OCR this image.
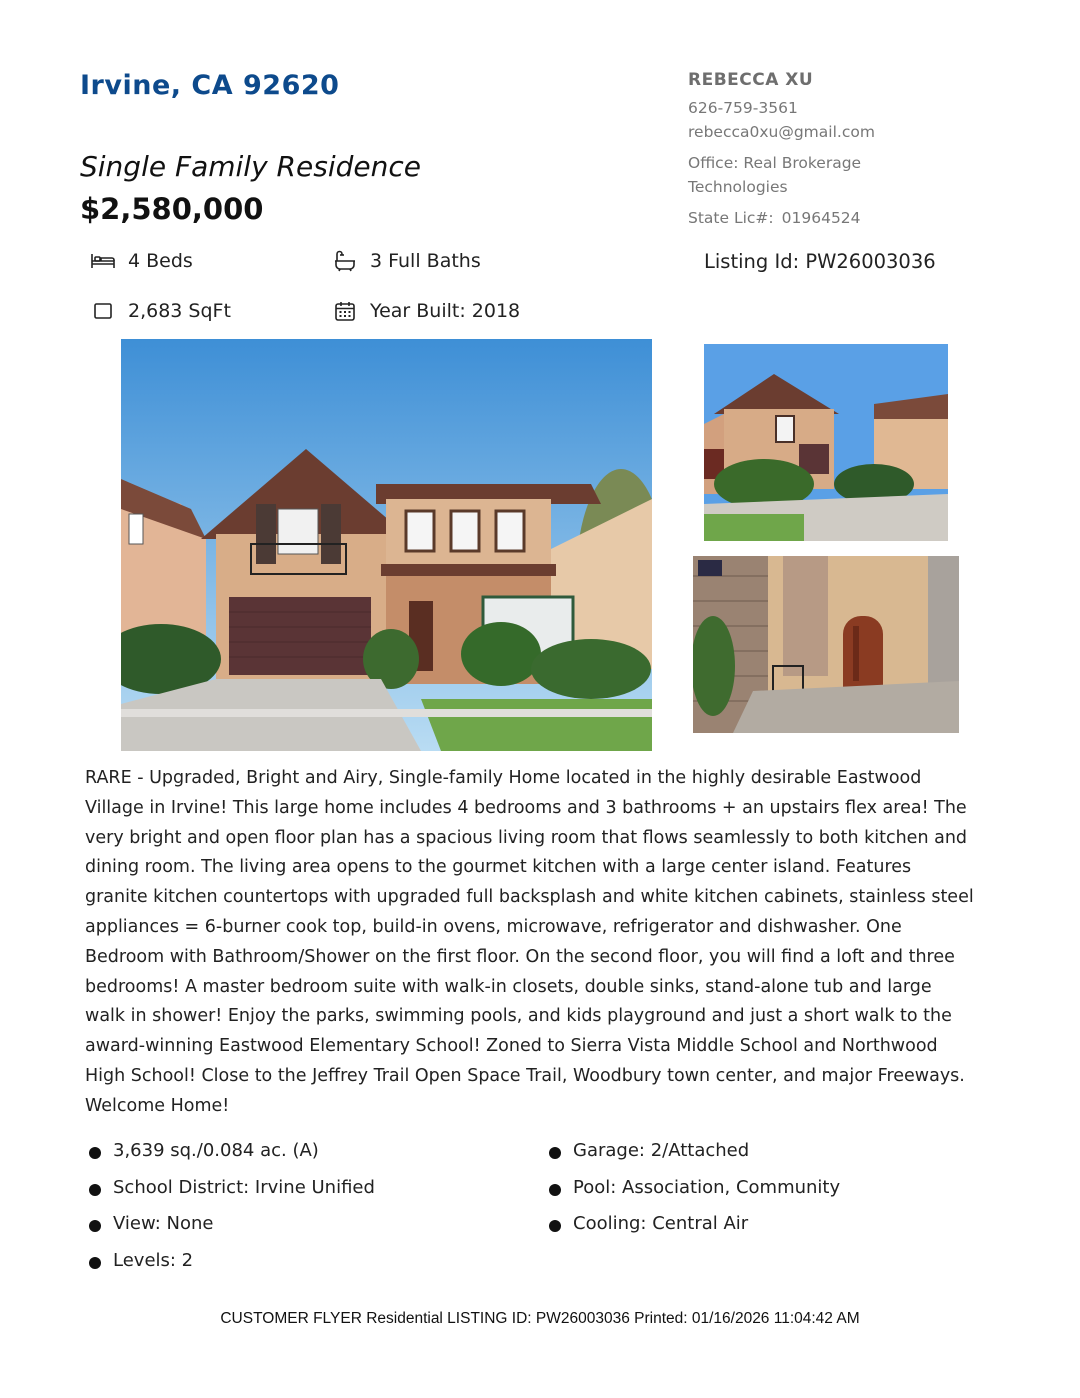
Irvine, CA 92620
Single Family Residence
$2,580,000
REBECCA XU
626-759-3561
rebecca0xu@gmail.com
Office: Real Brokerage
Technologies
State Lic#: 01964524
4 Beds	3 Full Baths	Listing Id: PW26003036
2,683 SqFt	Year Built: 2018
RARE - Upgraded, Bright and Airy, Single-family Home located in the highly desirable Eastwood Village in Irvine! This large home includes 4 bedrooms and 3 bathrooms + an upstairs flex area! The very bright and open floor plan has a spacious living room that flows seamlessly to both kitchen and dining room. The living area opens to the gourmet kitchen with a large center island. Features granite kitchen countertops with upgraded full backsplash and white kitchen cabinets, stainless steel appliances = 6-burner cook top, build-in ovens, microwave, refrigerator and dishwasher. One Bedroom with Bathroom/Shower on the first floor. On the second floor, you will find a loft and three bedrooms! A master bedroom suite with walk-in closets, double sinks, stand-alone tub and large walk in shower! Enjoy the parks, swimming pools, and kids playground and just a short walk to the award-winning Eastwood Elementary School! Zoned to Sierra Vista Middle School and Northwood High School! Close to the Jeffrey Trail Open Space Trail, Woodbury town center, and major Freeways. Welcome Home!
3,639 sq./0.084 ac. (A)
School District: Irvine Unified
View: None
Levels: 2
Garage: 2/Attached
Pool: Association, Community
Cooling: Central Air
CUSTOMER FLYER Residential LISTING ID: PW26003036 Printed: 01/16/2026 11:04:42 AM
